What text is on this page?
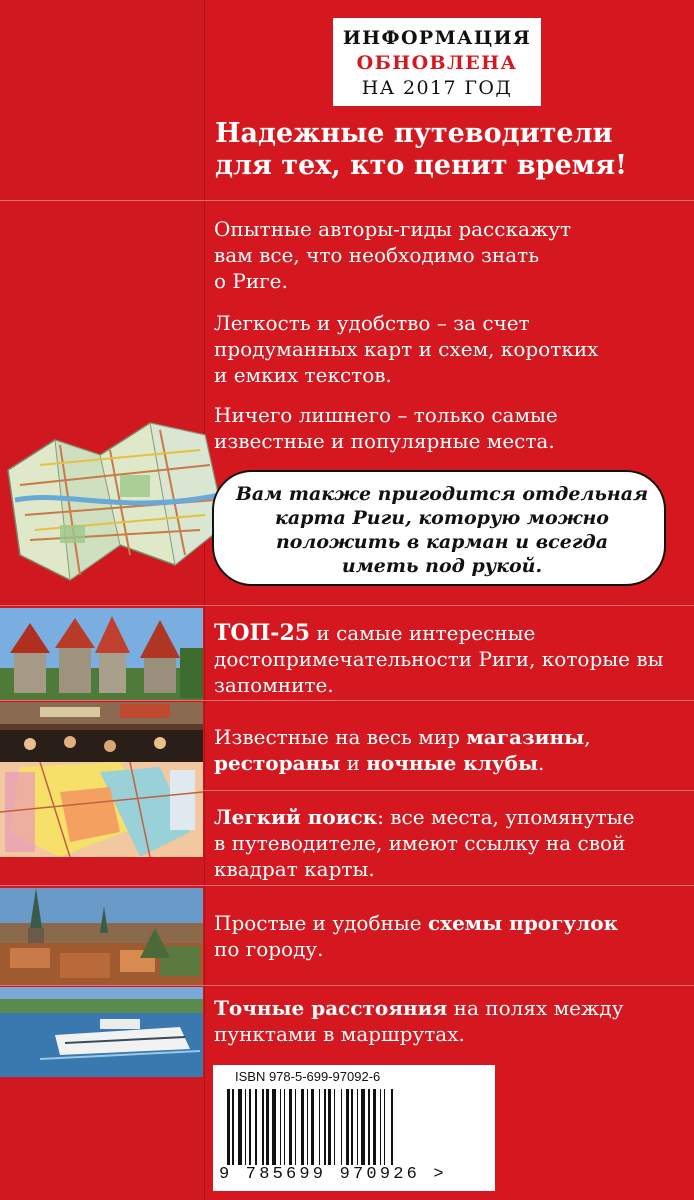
ИНФОРМАЦИЯ
ОБНОВЛЕНА
НА 2017 ГОД
Надежные путеводители
для тех, кто ценит время!
Опытные авторы-гиды расскажут
вам все, что необходимо знать
о Риге.
Легкость и удобство – за счет
продуманных карт и схем, коротких
и емких текстов.
Ничего лишнего – только самые
известные и популярные места.

Вам также пригодится отдельная
карта Риги, которую можно
положить в карман и всегда
иметь под рукой.

ТОП-25 и самые интересные
достопримечательности Риги, которые вы
запомните.
Известные на весь мир магазины,
рестораны и ночные клубы.
Легкий поиск: все места, упомянутые
в путеводителе, имеют ссылку на свой
квадрат карты.
Простые и удобные схемы прогулок
по городу.
Точные расстояния на полях между
пунктами в маршрутах.
ISBN 978-5-699-97092-6
9 785699 970926 >
